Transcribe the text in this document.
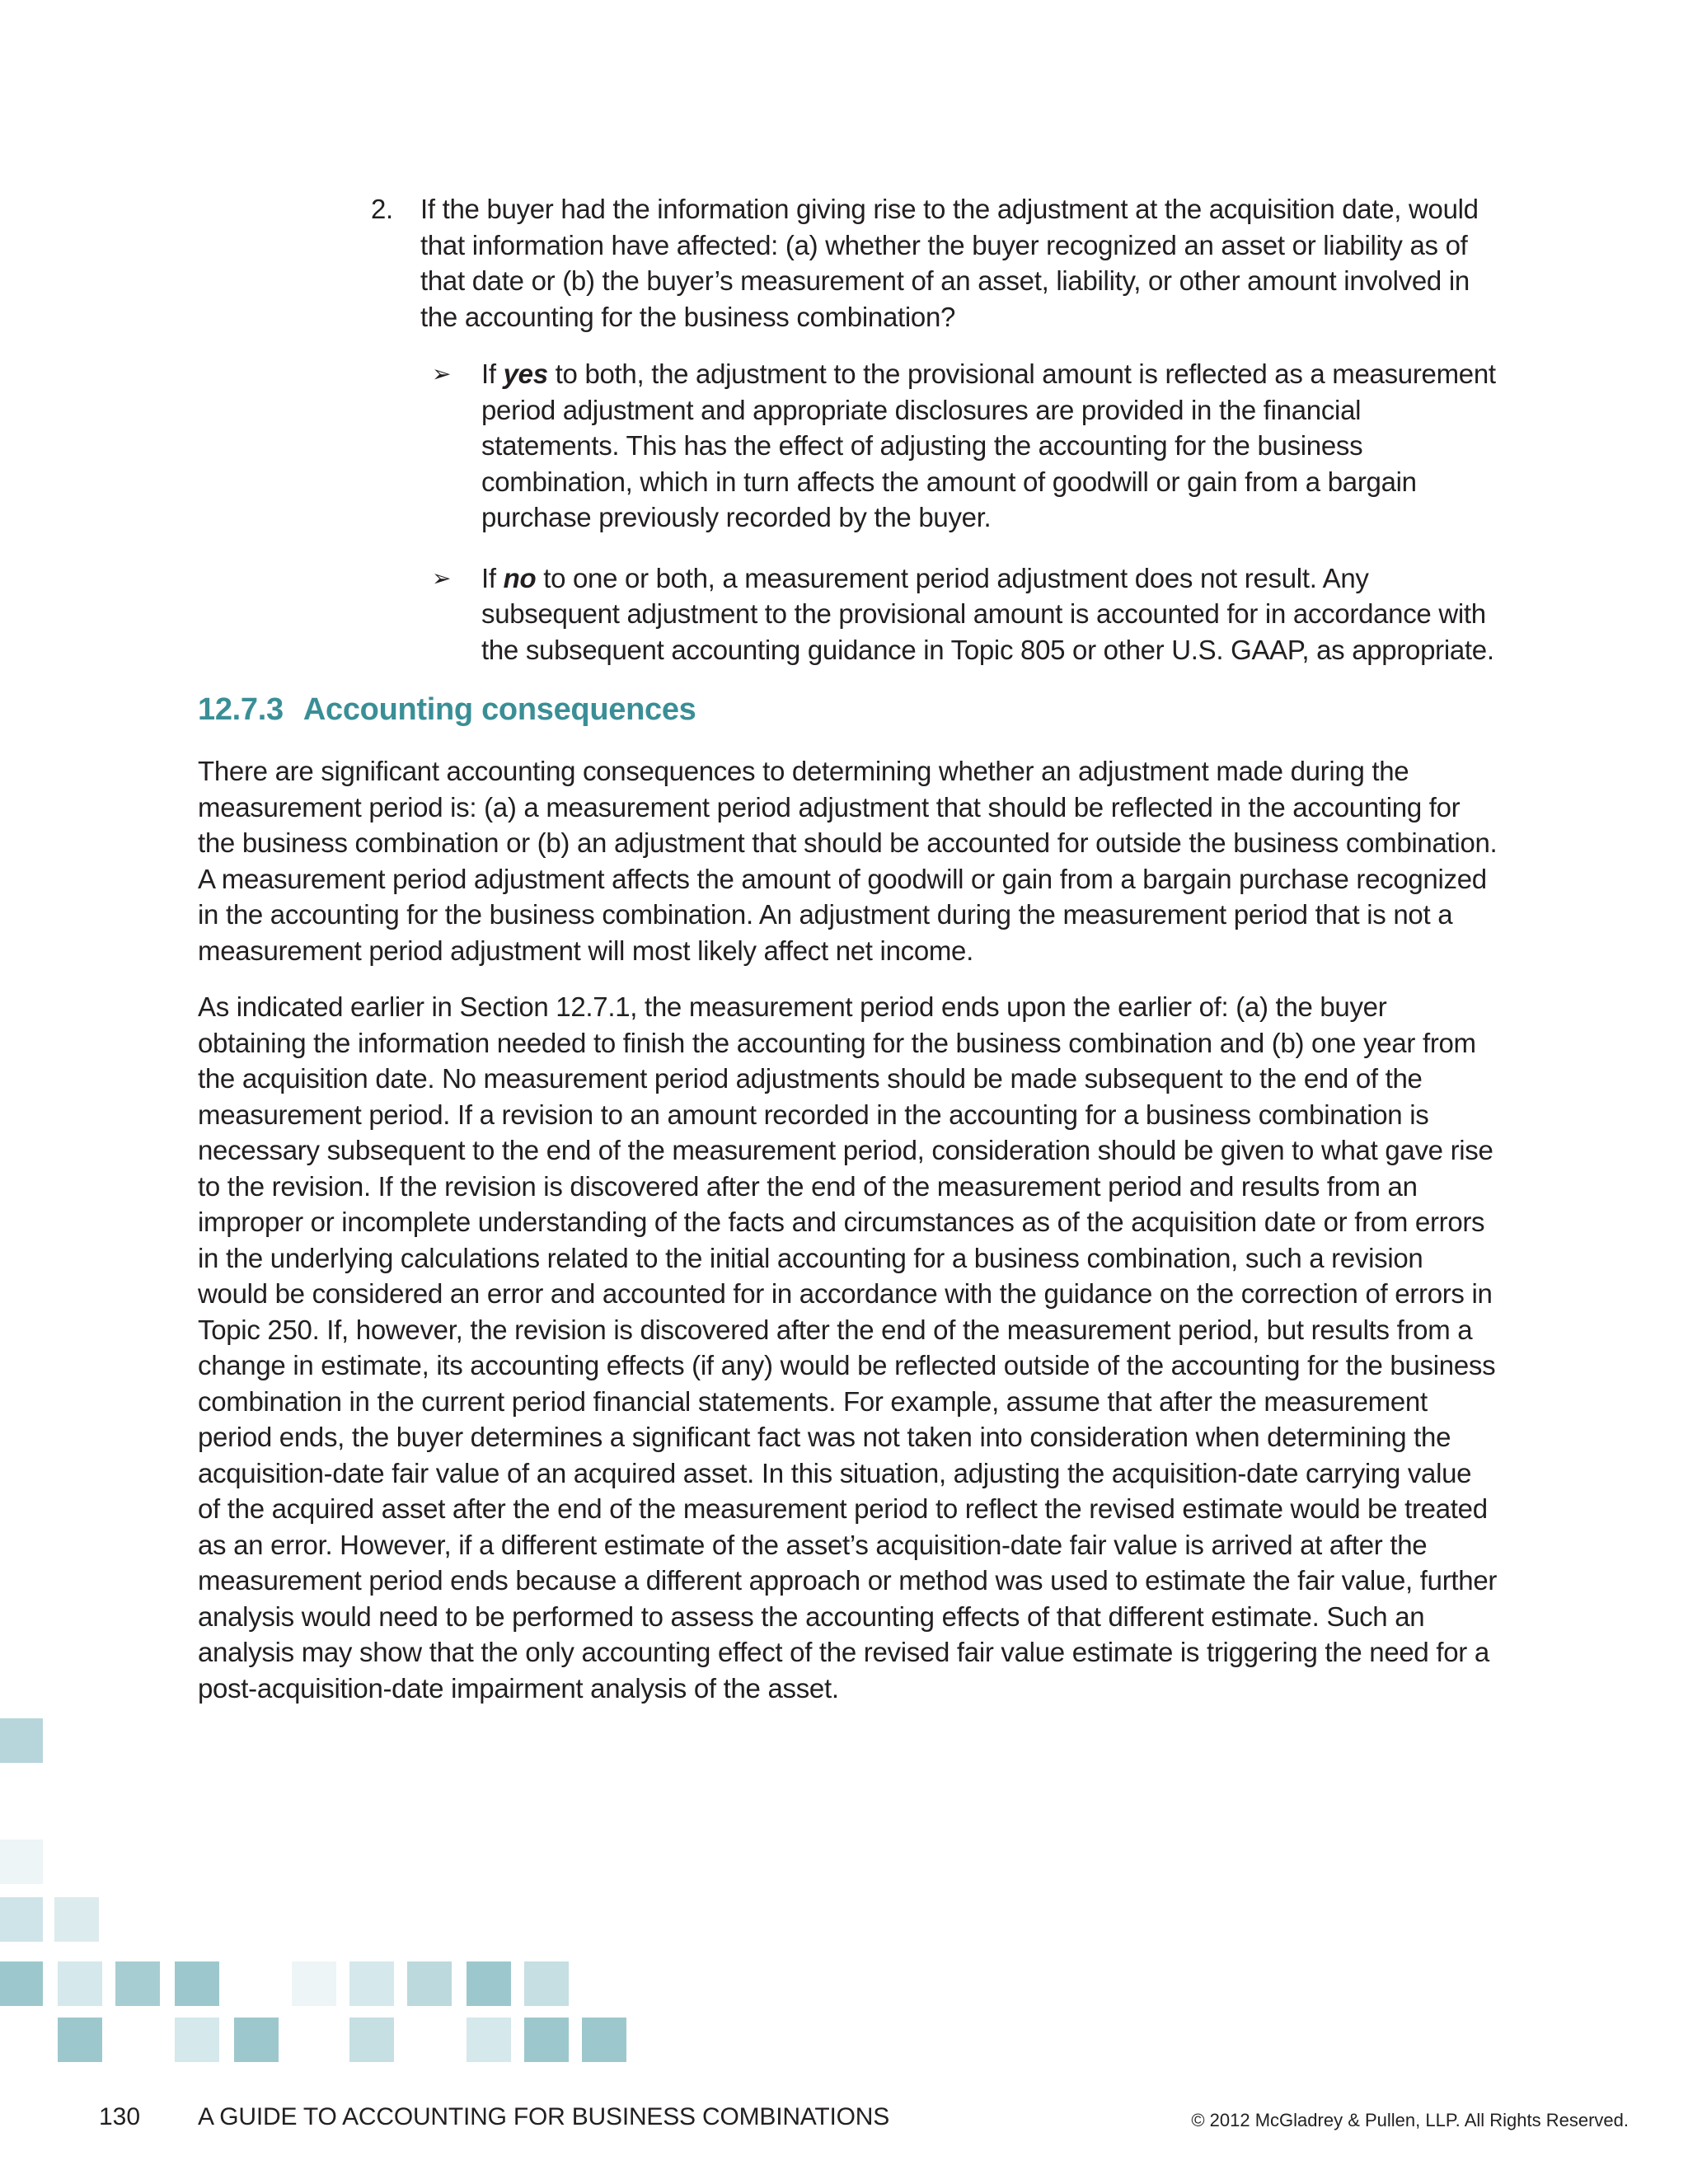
2. If the buyer had the information giving rise to the adjustment at the acquisition date, would that information have affected: (a) whether the buyer recognized an asset or liability as of that date or (b) the buyer’s measurement of an asset, liability, or other amount involved in the accounting for the business combination?
➢ If yes to both, the adjustment to the provisional amount is reflected as a measurement period adjustment and appropriate disclosures are provided in the financial statements. This has the effect of adjusting the accounting for the business combination, which in turn affects the amount of goodwill or gain from a bargain purchase previously recorded by the buyer.
➢ If no to one or both, a measurement period adjustment does not result. Any subsequent adjustment to the provisional amount is accounted for in accordance with the subsequent accounting guidance in Topic 805 or other U.S. GAAP, as appropriate.
12.7.3 Accounting consequences

There are significant accounting consequences to determining whether an adjustment made during the measurement period is: (a) a measurement period adjustment that should be reflected in the accounting for the business combination or (b) an adjustment that should be accounted for outside the business combination. A measurement period adjustment affects the amount of goodwill or gain from a bargain purchase recognized in the accounting for the business combination. An adjustment during the measurement period that is not a measurement period adjustment will most likely affect net income.

As indicated earlier in Section 12.7.1, the measurement period ends upon the earlier of: (a) the buyer obtaining the information needed to finish the accounting for the business combination and (b) one year from the acquisition date. No measurement period adjustments should be made subsequent to the end of the measurement period. If a revision to an amount recorded in the accounting for a business combination is necessary subsequent to the end of the measurement period, consideration should be given to what gave rise to the revision. If the revision is discovered after the end of the measurement period and results from an improper or incomplete understanding of the facts and circumstances as of the acquisition date or from errors in the underlying calculations related to the initial accounting for a business combination, such a revision would be considered an error and accounted for in accordance with the guidance on the correction of errors in Topic 250. If, however, the revision is discovered after the end of the measurement period, but results from a change in estimate, its accounting effects (if any) would be reflected outside of the accounting for the business combination in the current period financial statements. For example, assume that after the measurement period ends, the buyer determines a significant fact was not taken into consideration when determining the acquisition-date fair value of an acquired asset. In this situation, adjusting the acquisition-date carrying value of the acquired asset after the end of the measurement period to reflect the revised estimate would be treated as an error. However, if a different estimate of the asset’s acquisition-date fair value is arrived at after the measurement period ends because a different approach or method was used to estimate the fair value, further analysis would need to be performed to assess the accounting effects of that different estimate. Such an analysis may show that the only accounting effect of the revised fair value estimate is triggering the need for a post-acquisition-date impairment analysis of the asset.

130 A GUIDE TO ACCOUNTING FOR BUSINESS COMBINATIONS	© 2012 McGladrey & Pullen, LLP. All Rights Reserved.
